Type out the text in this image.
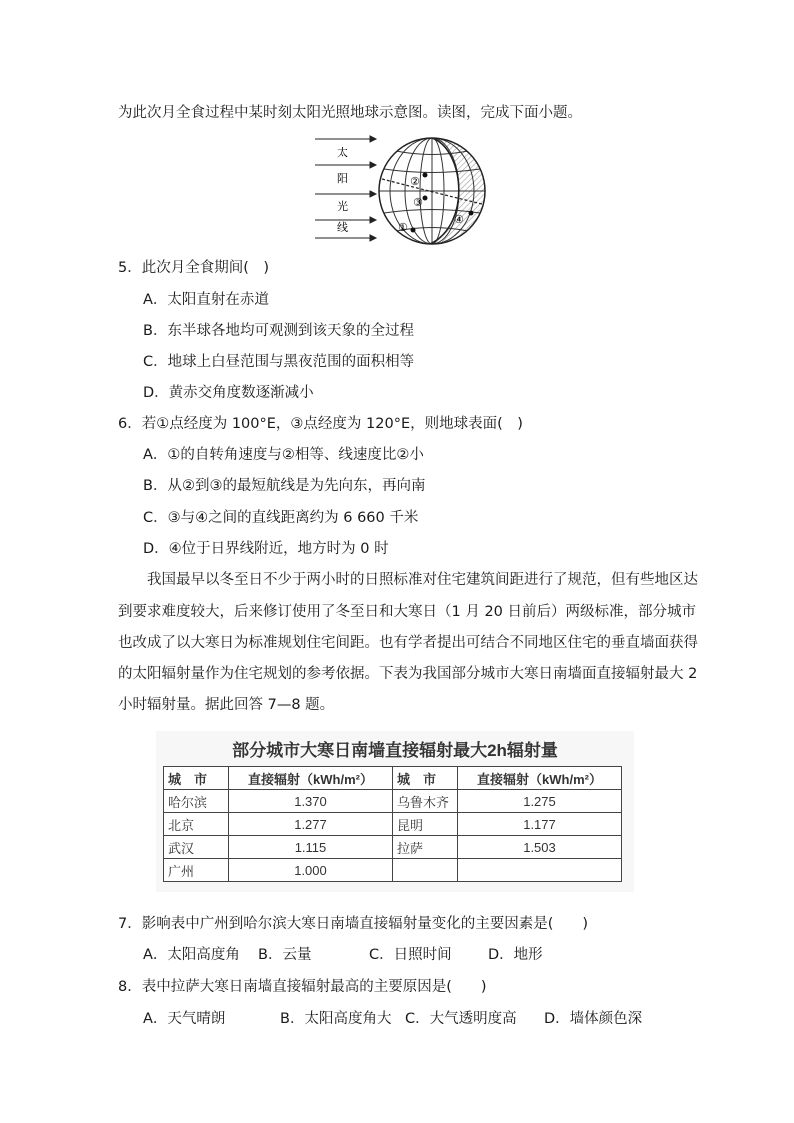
为此次月全食过程中某时刻太阳光照地球示意图。读图，完成下面小题。
太
阳
光
线
②
③
①
④
5．此次月全食期间(　)
A．太阳直射在赤道
B．东半球各地均可观测到该天象的全过程
C．地球上白昼范围与黑夜范围的面积相等
D．黄赤交角度数逐渐减小
6．若①点经度为 100°E，③点经度为 120°E，则地球表面(　)
A．①的自转角速度与②相等、线速度比②小
B．从②到③的最短航线是为先向东，再向南
C．③与④之间的直线距离约为 6 660 千米
D．④位于日界线附近，地方时为 0 时
　　我国最早以冬至日不少于两小时的日照标准对住宅建筑间距进行了规范，但有些地区达
到要求难度较大，后来修订使用了冬至日和大寒日（1 月 20 日前后）两级标准，部分城市
也改成了以大寒日为标准规划住宅间距。也有学者提出可结合不同地区住宅的垂直墙面获得
的太阳辐射量作为住宅规划的参考依据。下表为我国部分城市大寒日南墙面直接辐射最大 2
小时辐射量。据此回答 7—8 题。
部分城市大寒日南墙直接辐射最大2h辐射量
城　市	直接辐射（kWh/m²）	城　市	直接辐射（kWh/m²）
哈尔滨	1.370	乌鲁木齐	1.275
北京	1.277	昆明	1.177
武汉	1.115	拉萨	1.503
广州	1.000		
7．影响表中广州到哈尔滨大寒日南墙直接辐射量变化的主要因素是(　　)
A．太阳高度角 B．云量	C．日照时间	D．地形
8．表中拉萨大寒日南墙直接辐射最高的主要原因是(　　)
A．天气晴朗	B．太阳高度角大 C．大气透明度高 D．墙体颜色深
